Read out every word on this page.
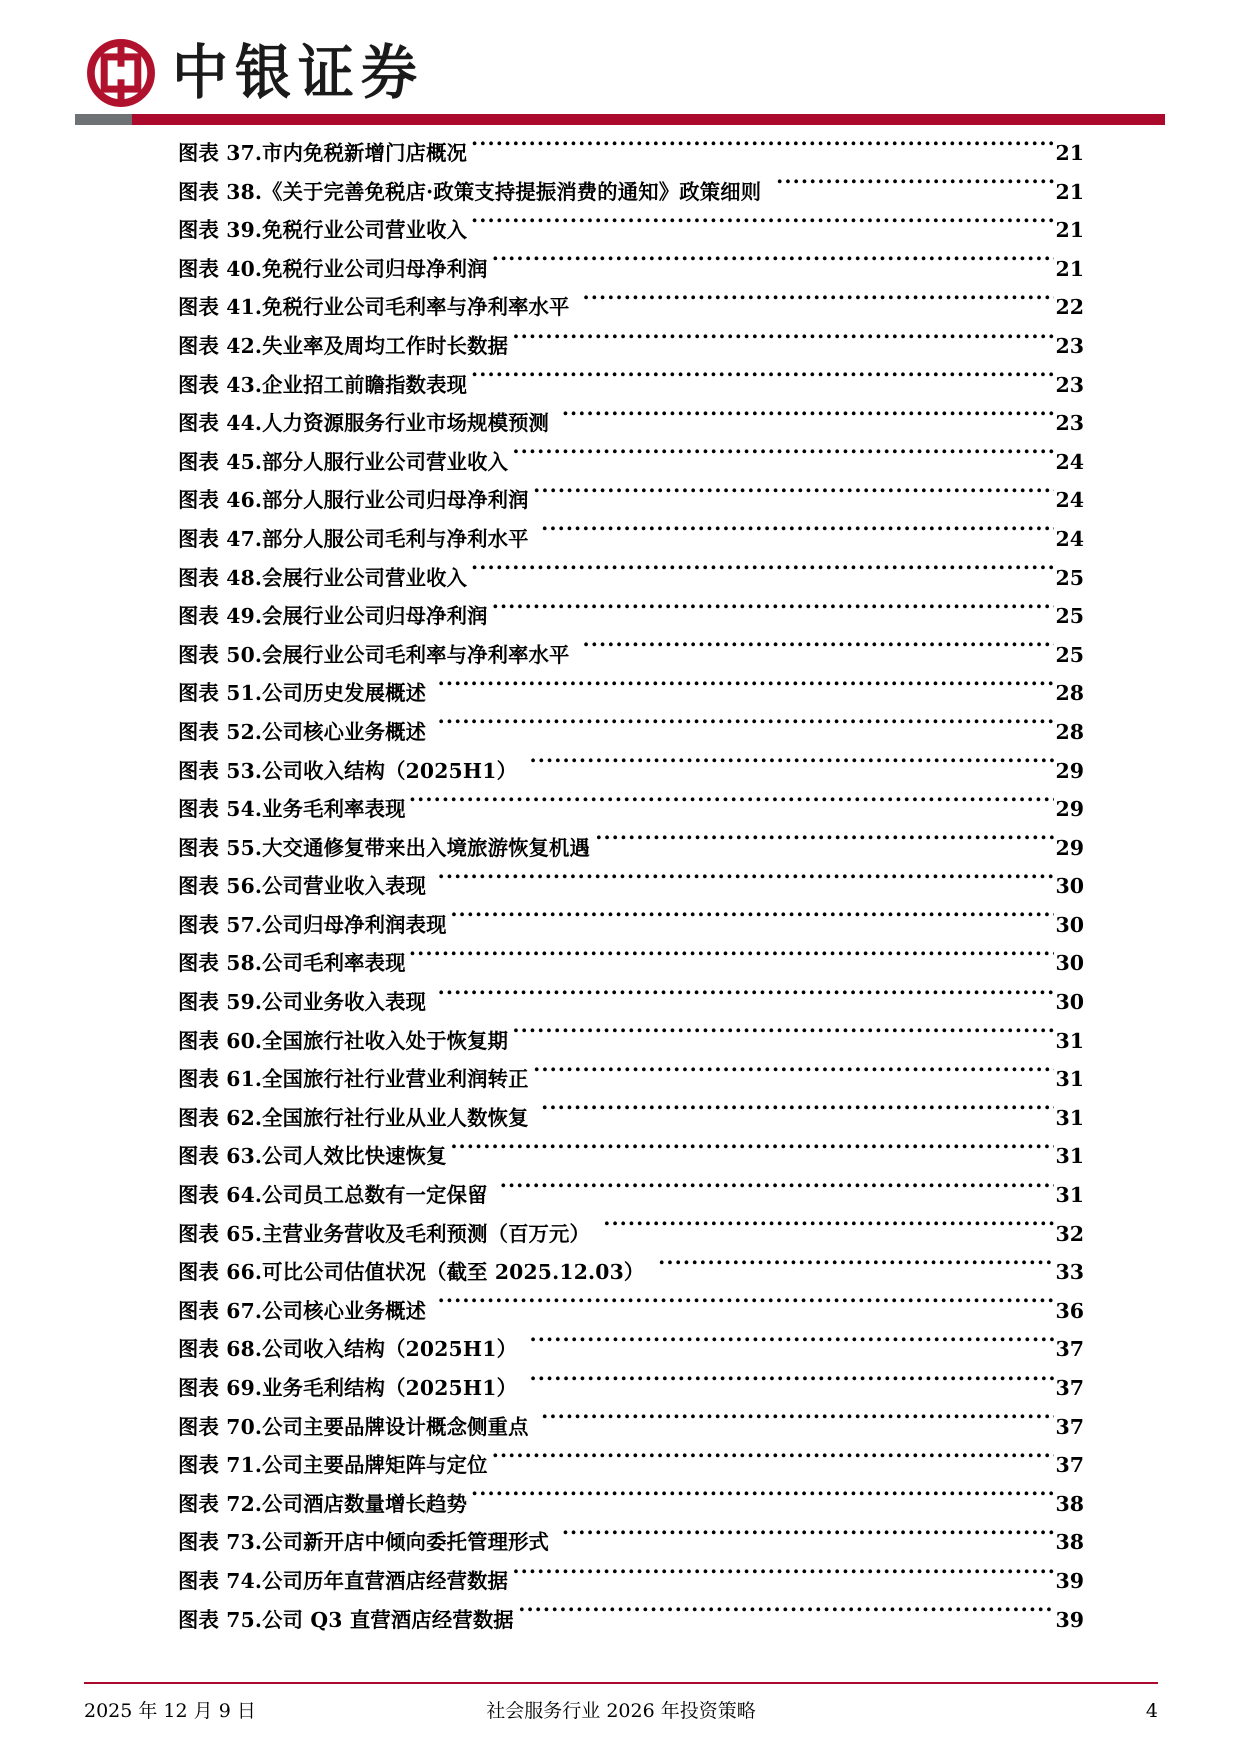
中银证券
图表 37.市内免税新增门店概况 .....	21
图表 38.《关于完善免税店·政策支持提振消费的通知》政策细则 .....	21
图表 39.免税行业公司营业收入 .....	21
图表 40.免税行业公司归母净利润 .....	21
图表 41.免税行业公司毛利率与净利率水平 .....	22
图表 42.失业率及周均工作时长数据 .....	23
图表 43.企业招工前瞻指数表现 .....	23
图表 44.人力资源服务行业市场规模预测 .....	23
图表 45.部分人服行业公司营业收入 .....	24
图表 46.部分人服行业公司归母净利润 .....	24
图表 47.部分人服公司毛利与净利水平 .....	24
图表 48.会展行业公司营业收入 .....	25
图表 49.会展行业公司归母净利润 .....	25
图表 50.会展行业公司毛利率与净利率水平 .....	25
图表 51.公司历史发展概述 .....	28
图表 52.公司核心业务概述 .....	28
图表 53.公司收入结构（2025H1） .....	29
图表 54.业务毛利率表现 .....	29
图表 55.大交通修复带来出入境旅游恢复机遇 .....	29
图表 56.公司营业收入表现 .....	30
图表 57.公司归母净利润表现 .....	30
图表 58.公司毛利率表现 .....	30
图表 59.公司业务收入表现 .....	30
图表 60.全国旅行社收入处于恢复期 .....	31
图表 61.全国旅行社行业营业利润转正 .....	31
图表 62.全国旅行社行业从业人数恢复 .....	31
图表 63.公司人效比快速恢复 .....	31
图表 64.公司员工总数有一定保留 .....	31
图表 65.主营业务营收及毛利预测（百万元） .....	32
图表 66.可比公司估值状况（截至 2025.12.03） .....	33
图表 67.公司核心业务概述 .....	36
图表 68.公司收入结构（2025H1） .....	37
图表 69.业务毛利结构（2025H1） .....	37
图表 70.公司主要品牌设计概念侧重点 .....	37
图表 71.公司主要品牌矩阵与定位 .....	37
图表 72.公司酒店数量增长趋势 .....	38
图表 73.公司新开店中倾向委托管理形式 .....	38
图表 74.公司历年直营酒店经营数据 .....	39
图表 75.公司 Q3 直营酒店经营数据 .....	39
2025 年 12 月 9 日	社会服务行业 2026 年投资策略	4
